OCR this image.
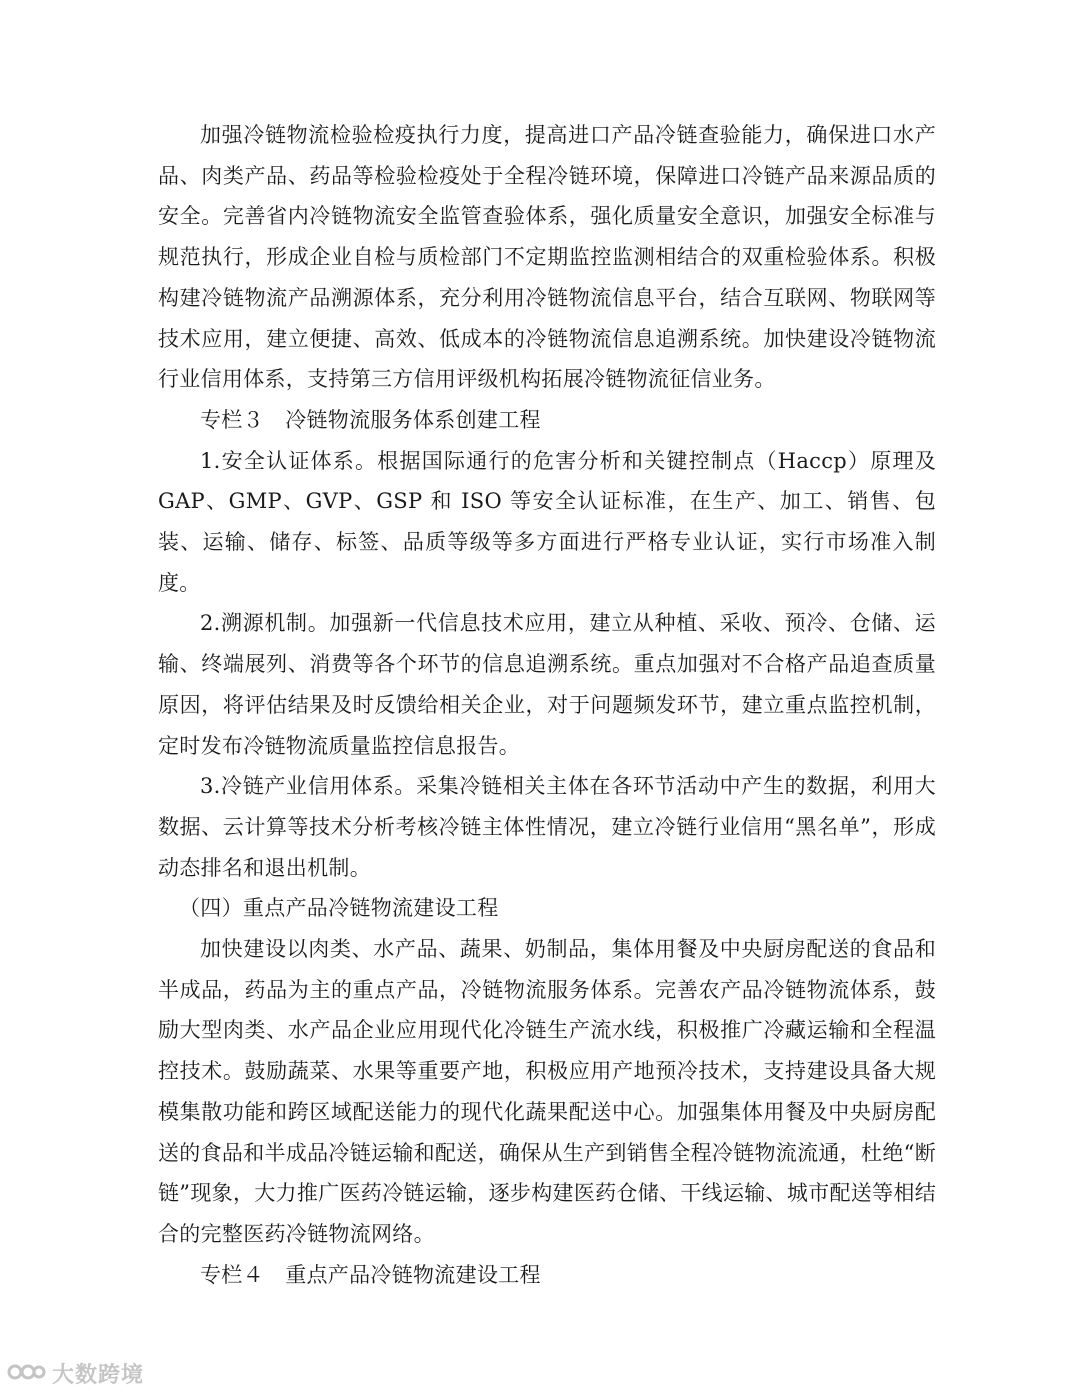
加强冷链物流检验检疫执行力度，提高进口产品冷链查验能力，确保进口水产品、肉类产品、药品等检验检疫处于全程冷链环境，保障进口冷链产品来源品质的安全。完善省内冷链物流安全监管查验体系，强化质量安全意识，加强安全标准与规范执行，形成企业自检与质检部门不定期监控监测相结合的双重检验体系。积极构建冷链物流产品溯源体系，充分利用冷链物流信息平台，结合互联网、物联网等技术应用，建立便捷、高效、低成本的冷链物流信息追溯系统。加快建设冷链物流行业信用体系，支持第三方信用评级机构拓展冷链物流征信业务。

专栏３　冷链物流服务体系创建工程

1.安全认证体系。根据国际通行的危害分析和关键控制点（Haccp）原理及 GAP、GMP、GVP、GSP 和 ISO 等安全认证标准，在生产、加工、销售、包装、运输、储存、标签、品质等级等多方面进行严格专业认证，实行市场准入制度。

2.溯源机制。加强新一代信息技术应用，建立从种植、采收、预冷、仓储、运输、终端展列、消费等各个环节的信息追溯系统。重点加强对不合格产品追查质量原因，将评估结果及时反馈给相关企业，对于问题频发环节，建立重点监控机制，定时发布冷链物流质量监控信息报告。

3.冷链产业信用体系。采集冷链相关主体在各环节活动中产生的数据，利用大数据、云计算等技术分析考核冷链主体性情况，建立冷链行业信用“黑名单”，形成动态排名和退出机制。

（四）重点产品冷链物流建设工程

加快建设以肉类、水产品、蔬果、奶制品，集体用餐及中央厨房配送的食品和半成品，药品为主的重点产品，冷链物流服务体系。完善农产品冷链物流体系，鼓励大型肉类、水产品企业应用现代化冷链生产流水线，积极推广冷藏运输和全程温控技术。鼓励蔬菜、水果等重要产地，积极应用产地预冷技术，支持建设具备大规模集散功能和跨区域配送能力的现代化蔬果配送中心。加强集体用餐及中央厨房配送的食品和半成品冷链运输和配送，确保从生产到销售全程冷链物流流通，杜绝“断链”现象，大力推广医药冷链运输，逐步构建医药仓储、干线运输、城市配送等相结合的完整医药冷链物流网络。

专栏４　重点产品冷链物流建设工程

大数跨境
